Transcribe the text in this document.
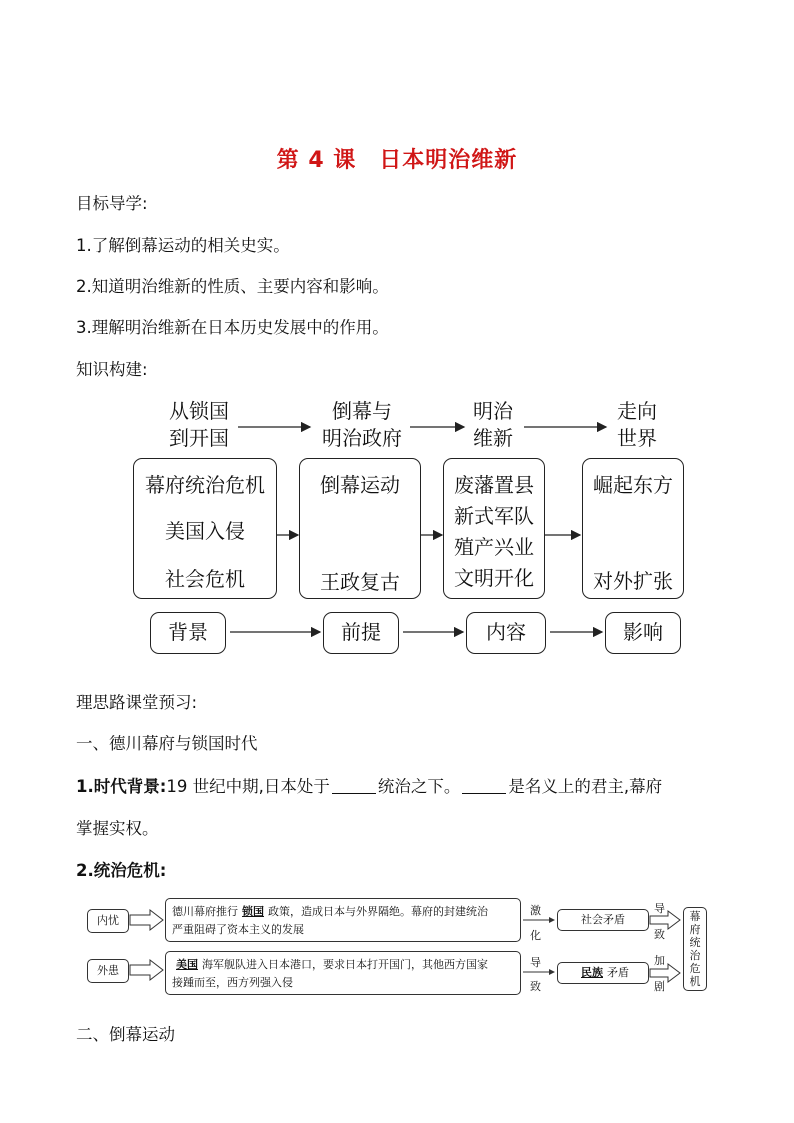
第 4 课　日本明治维新
目标导学:
1.了解倒幕运动的相关史实。
2.知道明治维新的性质、主要内容和影响。
3.理解明治维新在日本历史发展中的作用。
知识构建:
从锁国
到开国
倒幕与
明治政府
明治
维新
走向
世界
幕府统治危机
美国入侵
社会危机
倒幕运动
王政复古
废藩置县
新式军队
殖产兴业
文明开化
崛起东方
对外扩张
背景	前提	内容	影响
理思路课堂预习:
一、德川幕府与锁国时代
1.时代背景:19 世纪中期,日本处于	统治之下。	是名义上的君主,幕府
掌握实权。
2.统治危机:
内忧
外患
德川幕府推行 锁国 政策，造成日本与外界隔绝。幕府的封建统治
严重阻碍了资本主义的发展
美国 海军舰队进入日本港口，要求日本打开国门，其他西方国家
接踵而至，西方列强入侵
激
化
导
致
社会矛盾
民族 矛盾
导
致
加
剧
幕
府
统
治
危
机
二、倒幕运动
